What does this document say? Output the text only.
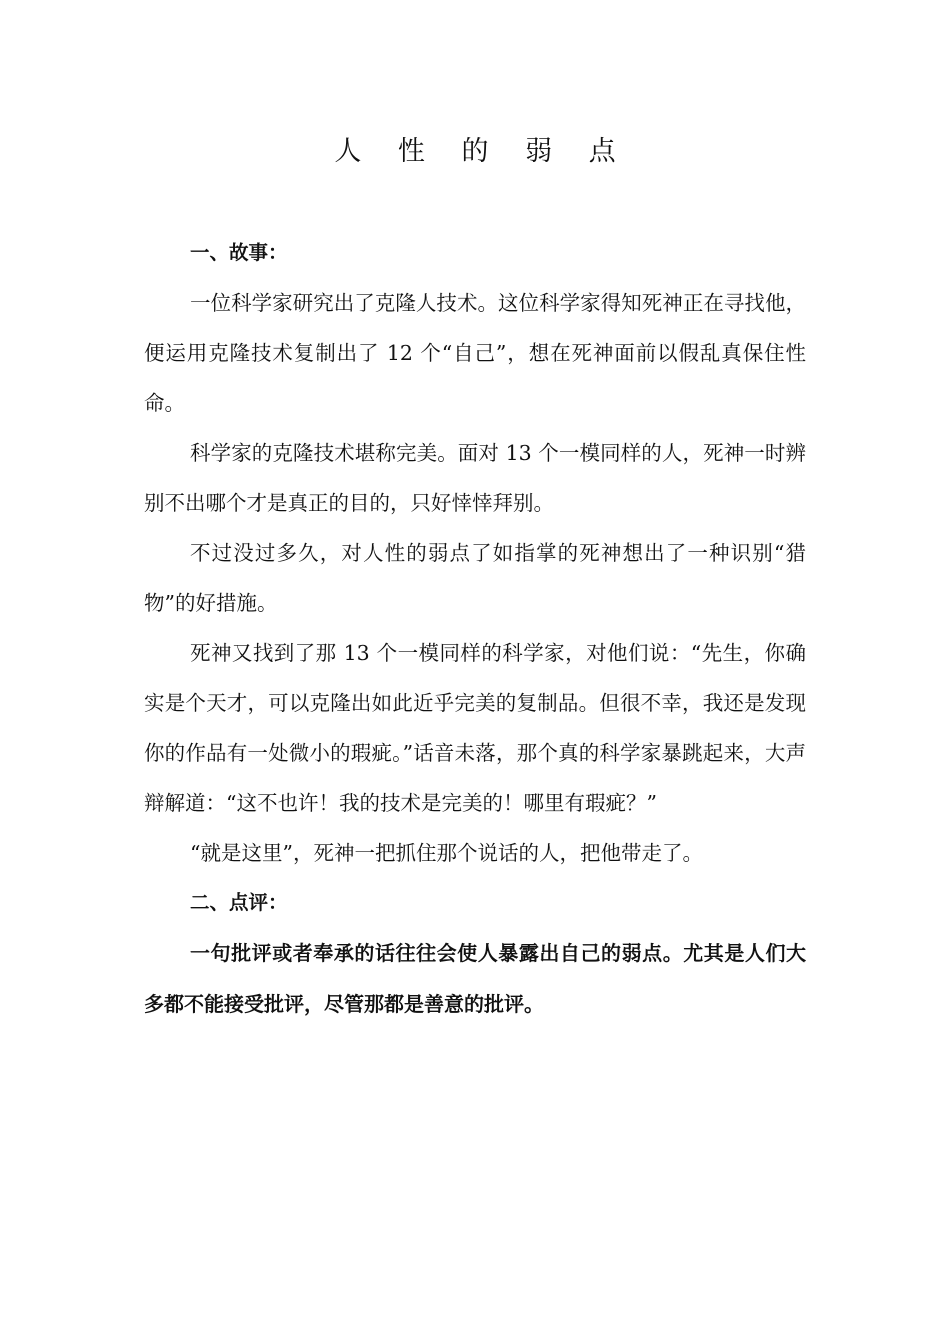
人 性 的 弱 点

一、故事：

一位科学家研究出了克隆人技术。这位科学家得知死神正在寻找他，便运用克隆技术复制出了 12 个“自己”，想在死神面前以假乱真保住性命。

科学家的克隆技术堪称完美。面对 13 个一模同样的人，死神一时辨别不出哪个才是真正的目的，只好悻悻拜别。

不过没过多久，对人性的弱点了如指掌的死神想出了一种识别“猎物”的好措施。

死神又找到了那 13 个一模同样的科学家，对他们说：“先生，你确实是个天才，可以克隆出如此近乎完美的复制品。但很不幸，我还是发现你的作品有一处微小的瑕疵。”话音未落，那个真的科学家暴跳起来，大声辩解道：“这不也许！我的技术是完美的！哪里有瑕疵？”

“就是这里”，死神一把抓住那个说话的人，把他带走了。

二、点评：

一句批评或者奉承的话往往会使人暴露出自己的弱点。尤其是人们大多都不能接受批评，尽管那都是善意的批评。
